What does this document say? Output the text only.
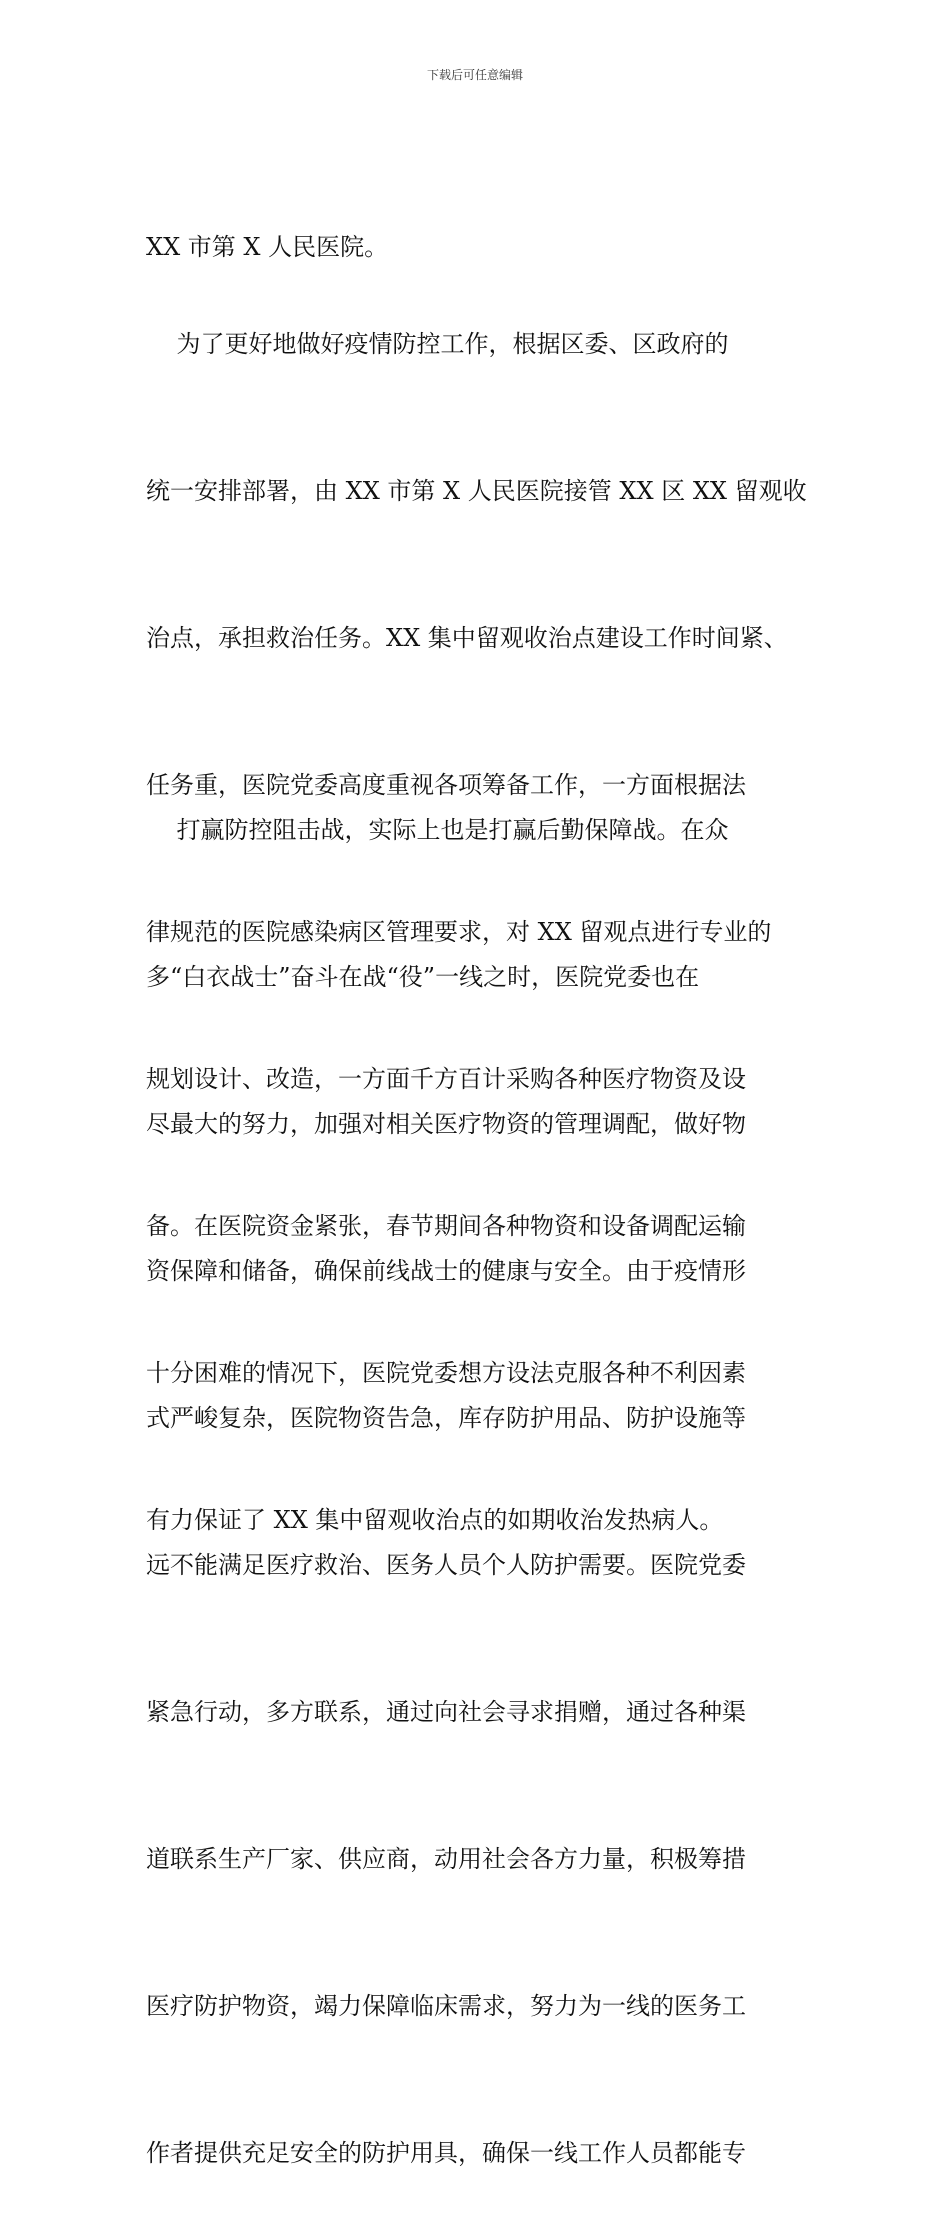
下载后可任意编辑

XX 市第 X 人民医院。

为了更好地做好疫情防控工作，根据区委、区政府的

统一安排部署，由 XX 市第 X 人民医院接管 XX 区 XX 留观收

治点，承担救治任务。XX 集中留观收治点建设工作时间紧、

任务重，医院党委高度重视各项筹备工作，一方面根据法

律规范的医院感染病区管理要求，对 XX 留观点进行专业的

规划设计、改造，一方面千方百计采购各种医疗物资及设

备。在医院资金紧张，春节期间各种物资和设备调配运输

十分困难的情况下，医院党委想方设法克服各种不利因素

有力保证了 XX 集中留观收治点的如期收治发热病人。

打赢防控阻击战，实际上也是打赢后勤保障战。在众

多“白衣战士”奋斗在战“役”一线之时，医院党委也在

尽最大的努力，加强对相关医疗物资的管理调配，做好物

资保障和储备，确保前线战士的健康与安全。由于疫情形

式严峻复杂，医院物资告急，库存防护用品、防护设施等

远不能满足医疗救治、医务人员个人防护需要。医院党委

紧急行动，多方联系，通过向社会寻求捐赠，通过各种渠

道联系生产厂家、供应商，动用社会各方力量，积极筹措

医疗防护物资，竭力保障临床需求，努力为一线的医务工

作者提供充足安全的防护用具，确保一线工作人员都能专
